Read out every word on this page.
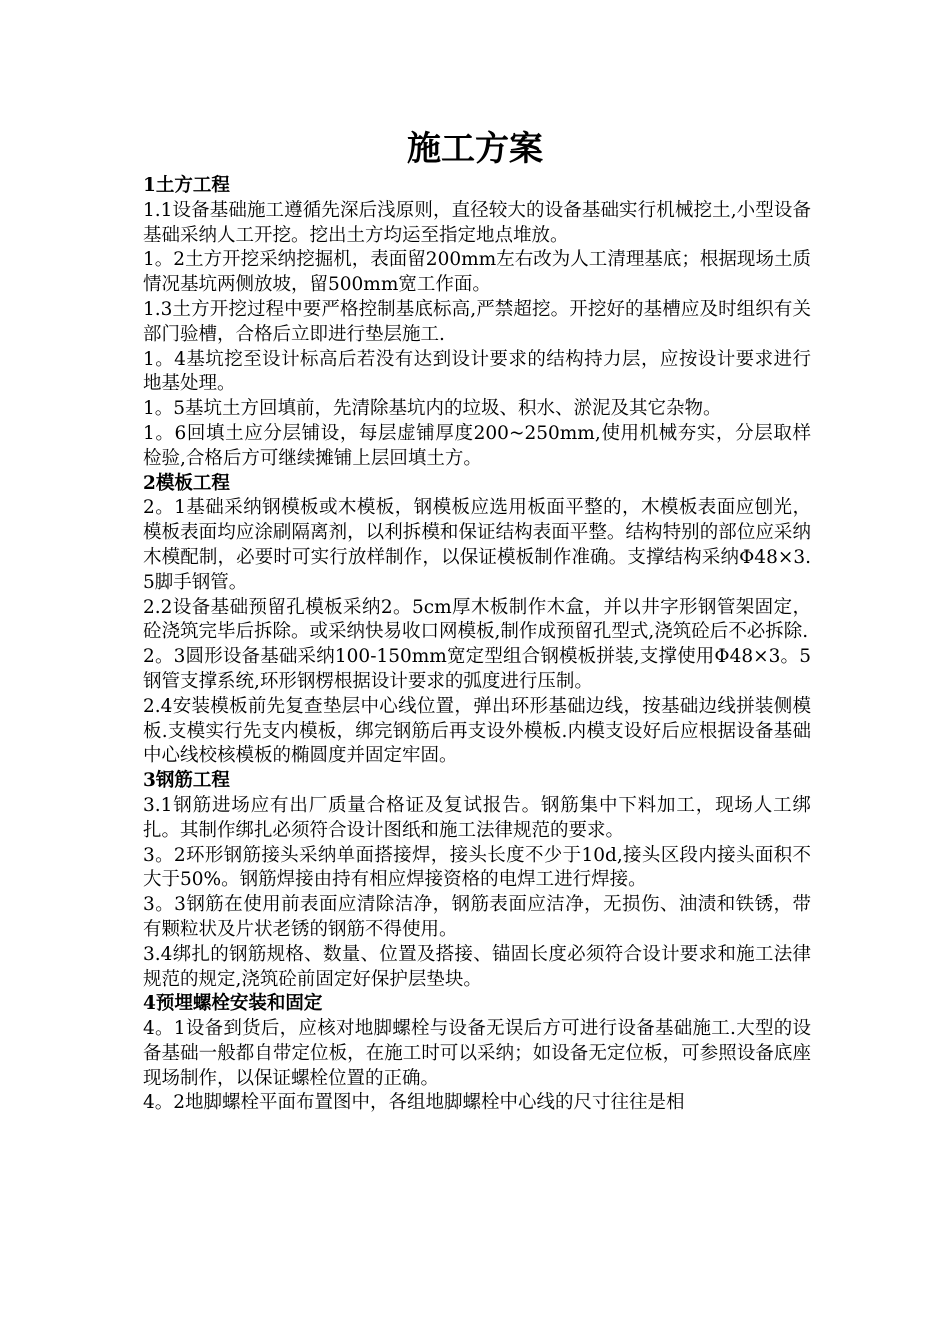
施工方案
1土方工程

1.1设备基础施工遵循先深后浅原则，直径较大的设备基础实行机械挖土,小型设备基础采纳人工开挖。挖出土方均运至指定地点堆放。

1。2土方开挖采纳挖掘机，表面留200mm左右改为人工清理基底；根据现场土质情况基坑两侧放坡，留500mm宽工作面。

1.3土方开挖过程中要严格控制基底标高,严禁超挖。开挖好的基槽应及时组织有关部门验槽，合格后立即进行垫层施工.

1。4基坑挖至设计标高后若没有达到设计要求的结构持力层，应按设计要求进行地基处理。

1。5基坑土方回填前，先清除基坑内的垃圾、积水、淤泥及其它杂物。

1。6回填土应分层铺设，每层虚铺厚度200~250mm,使用机械夯实，分层取样检验,合格后方可继续摊铺上层回填土方。

2模板工程

2。1基础采纳钢模板或木模板，钢模板应选用板面平整的，木模板表面应刨光，模板表面均应涂刷隔离剂，以利拆模和保证结构表面平整。结构特别的部位应采纳木模配制，必要时可实行放样制作，以保证模板制作准确。支撑结构采纳Φ48×3.5脚手钢管。

2.2设备基础预留孔模板采纳2。5cm厚木板制作木盒，并以井字形钢管架固定，砼浇筑完毕后拆除。或采纳快易收口网模板,制作成预留孔型式,浇筑砼后不必拆除.

2。3圆形设备基础采纳100-150mm宽定型组合钢模板拼装,支撑使用Φ48×3。5钢管支撑系统,环形钢楞根据设计要求的弧度进行压制。

2.4安装模板前先复查垫层中心线位置，弹出环形基础边线，按基础边线拼装侧模板.支模实行先支内模板，绑完钢筋后再支设外模板.内模支设好后应根据设备基础中心线校核模板的椭圆度并固定牢固。

3钢筋工程

3.1钢筋进场应有出厂质量合格证及复试报告。钢筋集中下料加工，现场人工绑扎。其制作绑扎必须符合设计图纸和施工法律规范的要求。

3。2环形钢筋接头采纳单面搭接焊，接头长度不少于10d,接头区段内接头面积不大于50%。钢筋焊接由持有相应焊接资格的电焊工进行焊接。

3。3钢筋在使用前表面应清除洁净，钢筋表面应洁净，无损伤、油渍和铁锈，带有颗粒状及片状老锈的钢筋不得使用。

3.4绑扎的钢筋规格、数量、位置及搭接、锚固长度必须符合设计要求和施工法律规范的规定,浇筑砼前固定好保护层垫块。

4预埋螺栓安装和固定

4。1设备到货后，应核对地脚螺栓与设备无误后方可进行设备基础施工.大型的设备基础一般都自带定位板，在施工时可以采纳；如设备无定位板，可参照设备底座现场制作，以保证螺栓位置的正确。

4。2地脚螺栓平面布置图中，各组地脚螺栓中心线的尺寸往往是相
